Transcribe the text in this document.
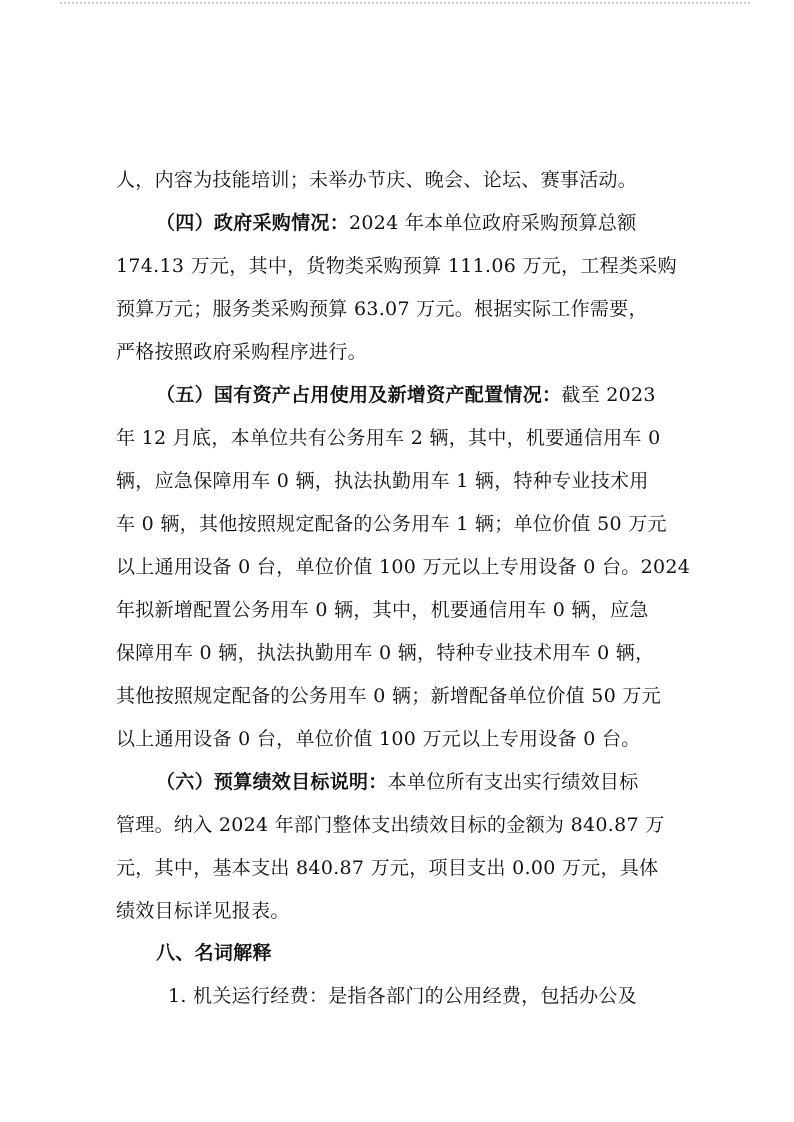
人，内容为技能培训；未举办节庆、晚会、论坛、赛事活动。
（四）政府采购情况：2024 年本单位政府采购预算总额
174.13 万元，其中，货物类采购预算 111.06 万元，工程类采购
预算万元；服务类采购预算 63.07 万元。根据实际工作需要，
严格按照政府采购程序进行。
（五）国有资产占用使用及新增资产配置情况：截至 2023
年 12 月底，本单位共有公务用车 2 辆，其中，机要通信用车 0
辆，应急保障用车 0 辆，执法执勤用车 1 辆，特种专业技术用
车 0 辆，其他按照规定配备的公务用车 1 辆；单位价值 50 万元
以上通用设备 0 台，单位价值 100 万元以上专用设备 0 台。2024
年拟新增配置公务用车 0 辆，其中，机要通信用车 0 辆，应急
保障用车 0 辆，执法执勤用车 0 辆，特种专业技术用车 0 辆，
其他按照规定配备的公务用车 0 辆；新增配备单位价值 50 万元
以上通用设备 0 台，单位价值 100 万元以上专用设备 0 台。
（六）预算绩效目标说明：本单位所有支出实行绩效目标
管理。纳入 2024 年部门整体支出绩效目标的金额为 840.87 万
元，其中，基本支出 840.87 万元，项目支出 0.00 万元，具体
绩效目标详见报表。
八、名词解释
1. 机关运行经费：是指各部门的公用经费，包括办公及
